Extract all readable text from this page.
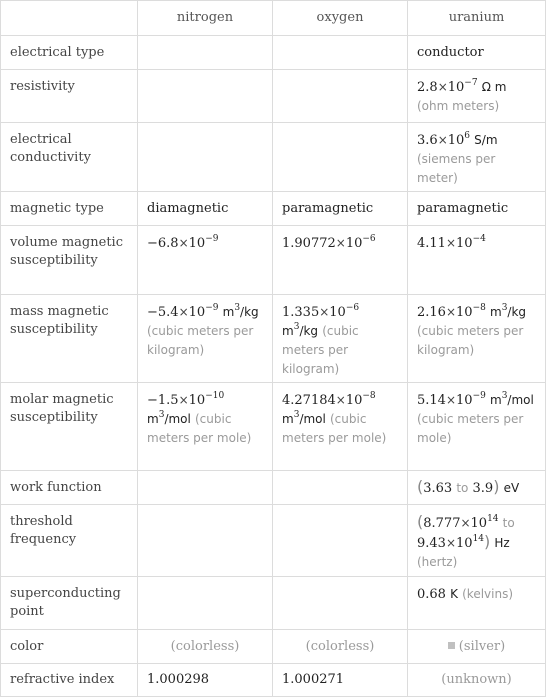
	nitrogen	oxygen	uranium
electrical type			conductor

resistivity			$2.8\times 10^{-7}$ Ω m
(ohm meters)

electrical conductivity			$3.6\times 10^6$ S/m
(siemens per meter)

magnetic type	diamagnetic	paramagnetic	paramagnetic

volume magnetic susceptibility	$-6.8\times 10^{-9}$	$1.90772\times 10^{-6}$	$4.11\times 10^{-4}$

mass magnetic susceptibility	$-5.4\times 10^{-9}$ $m^3/kg$ (cubic meters per kilogram)	$1.335\times 10^{-6}$ $m^3/kg$ (cubic meters per kilogram)	$2.16\times 10^{-8}$ $m^3/kg$ (cubic meters per kilogram)

molar magnetic susceptibility	$-1.5\times 10^{-10}$ $m^3$/mol (cubic meters per mole)	$4.27184\times 10^{-8}$ $m^3$/mol (cubic meters per mole)	$5.14\times 10^{-9}$ $m^3$/mol (cubic meters per mole)

work function			(3.63 to 3.9) eV

threshold frequency			($8.777\times 10^{14}$ to
$9.43\times 10^{14}$) Hz
(hertz)

superconducting point			0.68 K (kelvins)

color	(colorless)	(colorless)	(silver)
refractive index	1.000298	1.000271	(unknown)
